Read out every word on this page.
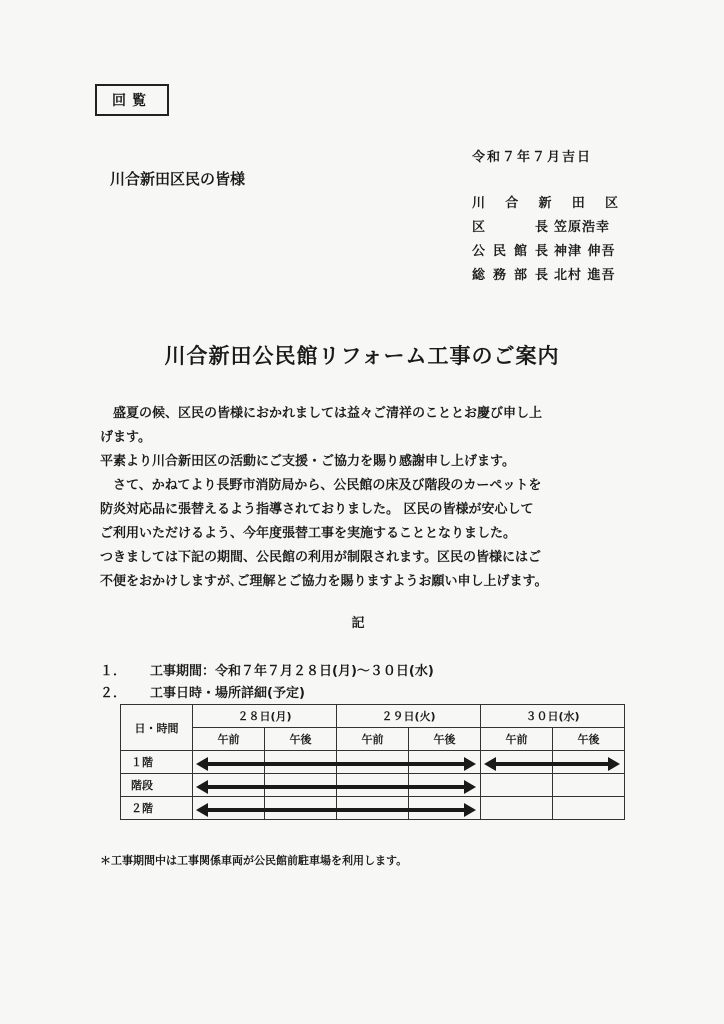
回覧
令和７年７月吉日
川合新田区民の皆様
川 合 新 田 区
区	長 笠原浩幸
公 民 館 長 神津 伸吾
総 務 部 長 北村 進吾
川合新田公民館リフォーム工事のご案内

　盛夏の候、区民の皆様におかれましては益々ご清祥のこととお慶び申し上

げます。

平素より川合新田区の活動にご支援・ご協力を賜り感謝申し上げます。

　さて、かねてより長野市消防局から、公民館の床及び階段のカーペットを

防炎対応品に張替えるよう指導されておりました。 区民の皆様が安心して

ご利用いただけるよう、今年度張替工事を実施することとなりました。

つきましては下記の期間、公民館の利用が制限されます。区民の皆様にはご

不便をおかけしますが､ご理解とご協力を賜りますようお願い申し上げます。

記
１．	工事期間：令和７年７月２８日(月)～３０日(水)
２．	工事日時・場所詳細(予定)
日・時間	２８日(月)		２９日(火)		３０日(水)	
	午前	午後	午前	午後	午前	午後
１階						
階段						
２階						
＊工事期間中は工事関係車両が公民館前駐車場を利用します。
